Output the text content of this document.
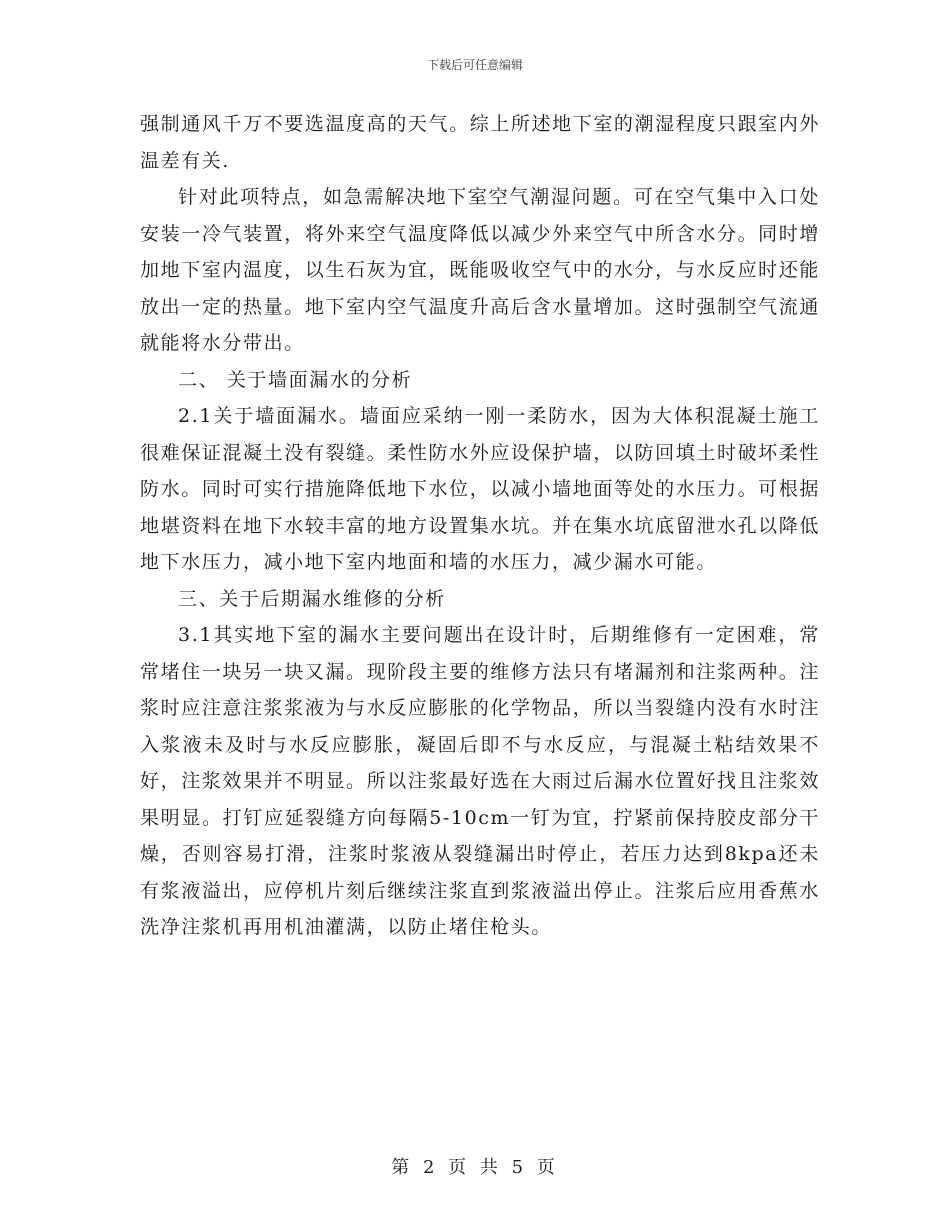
下载后可任意编辑

强制通风千万不要选温度高的天气。综上所述地下室的潮湿程度只跟室内外温差有关.

针对此项特点，如急需解决地下室空气潮湿问题。可在空气集中入口处安装一冷气装置，将外来空气温度降低以减少外来空气中所含水分。同时增加地下室内温度，以生石灰为宜，既能吸收空气中的水分，与水反应时还能放出一定的热量。地下室内空气温度升高后含水量增加。这时强制空气流通就能将水分带出。

二、 关于墙面漏水的分析

2.1关于墙面漏水。墙面应采纳一刚一柔防水，因为大体积混凝土施工很难保证混凝土没有裂缝。柔性防水外应设保护墙，以防回填土时破坏柔性防水。同时可实行措施降低地下水位，以减小墙地面等处的水压力。可根据地堪资料在地下水较丰富的地方设置集水坑。并在集水坑底留泄水孔以降低地下水压力，减小地下室内地面和墙的水压力，减少漏水可能。

三、关于后期漏水维修的分析

3.1其实地下室的漏水主要问题出在设计时，后期维修有一定困难，常常堵住一块另一块又漏。现阶段主要的维修方法只有堵漏剂和注浆两种。注浆时应注意注浆浆液为与水反应膨胀的化学物品，所以当裂缝内没有水时注入浆液未及时与水反应膨胀，凝固后即不与水反应，与混凝土粘结效果不好，注浆效果并不明显。所以注浆最好选在大雨过后漏水位置好找且注浆效果明显。打钉应延裂缝方向每隔5-10cm一钉为宜，拧紧前保持胶皮部分干燥，否则容易打滑，注浆时浆液从裂缝漏出时停止，若压力达到8kpa还未有浆液溢出，应停机片刻后继续注浆直到浆液溢出停止。注浆后应用香蕉水洗净注浆机再用机油灌满，以防止堵住枪头。

第 2 页 共 5 页
